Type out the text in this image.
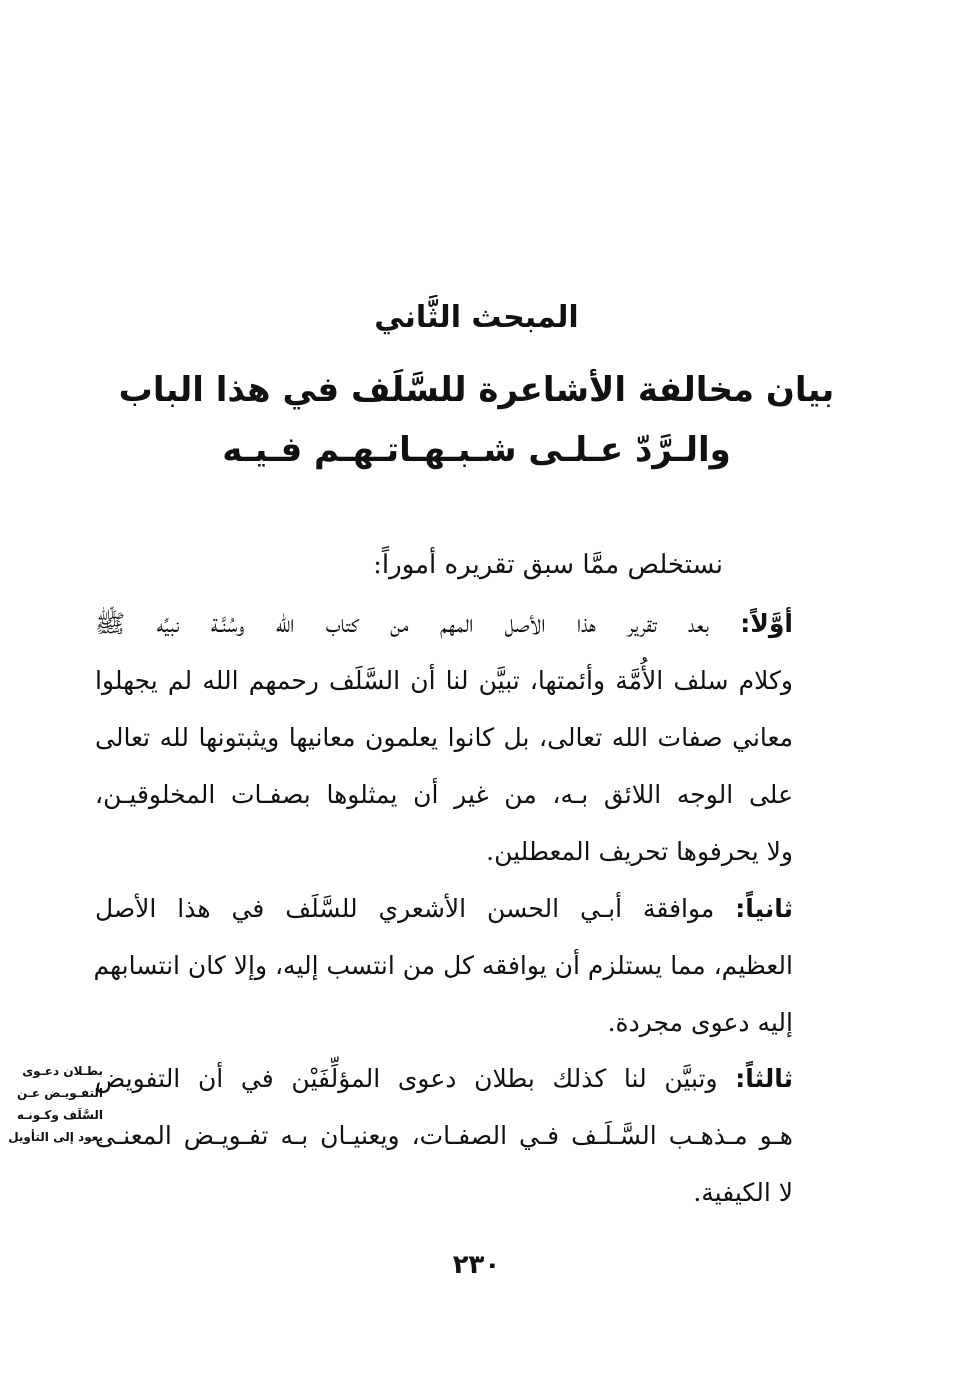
المبحث الثَّاني
بيان مخالفة الأشاعرة للسَّلَف في هذا الباب
والـرَّدّ عـلـى شـبـهـاتـهـم فـيـه
نستخلص ممَّا سبق تقريره أموراً:
أوَّلاً: بعد تقرير هذا الأصل المهم من كتاب الله وسُنَّـة نبيِّه ﷺ
وكلام سلف الأُمَّة وأئمتها، تبيَّن لنا أن السَّلَف رحمهم الله لم يجهلوا
معاني صفات الله تعالى، بل كانوا يعلمون معانيها ويثبتونها لله تعالى
على الوجه اللائق بـه، من غير أن يمثلوها بصفـات المخلوقيـن،
ولا يحرفوها تحريف المعطلين.
ثانياً: موافقة أبـي الحسن الأشعري للسَّلَف في هذا الأصل
العظيم، مما يستلزم أن يوافقه كل من انتسب إليه، وإلا كان انتسابهم
إليه دعوى مجردة.
ثالثاً: وتبيَّن لنا كذلك بطلان دعوى المؤلِّفَيْن في أن التفويض
هـو مـذهـب السَّـلَـف فـي الصفـات، ويعنيـان بـه تفـويـض المعنـى
لا الكيفية.
بطـلان دعـوى
التفـويـض عـن
السَّلَف وكـونـه
يعود إلى التأويل
٢٣٠
